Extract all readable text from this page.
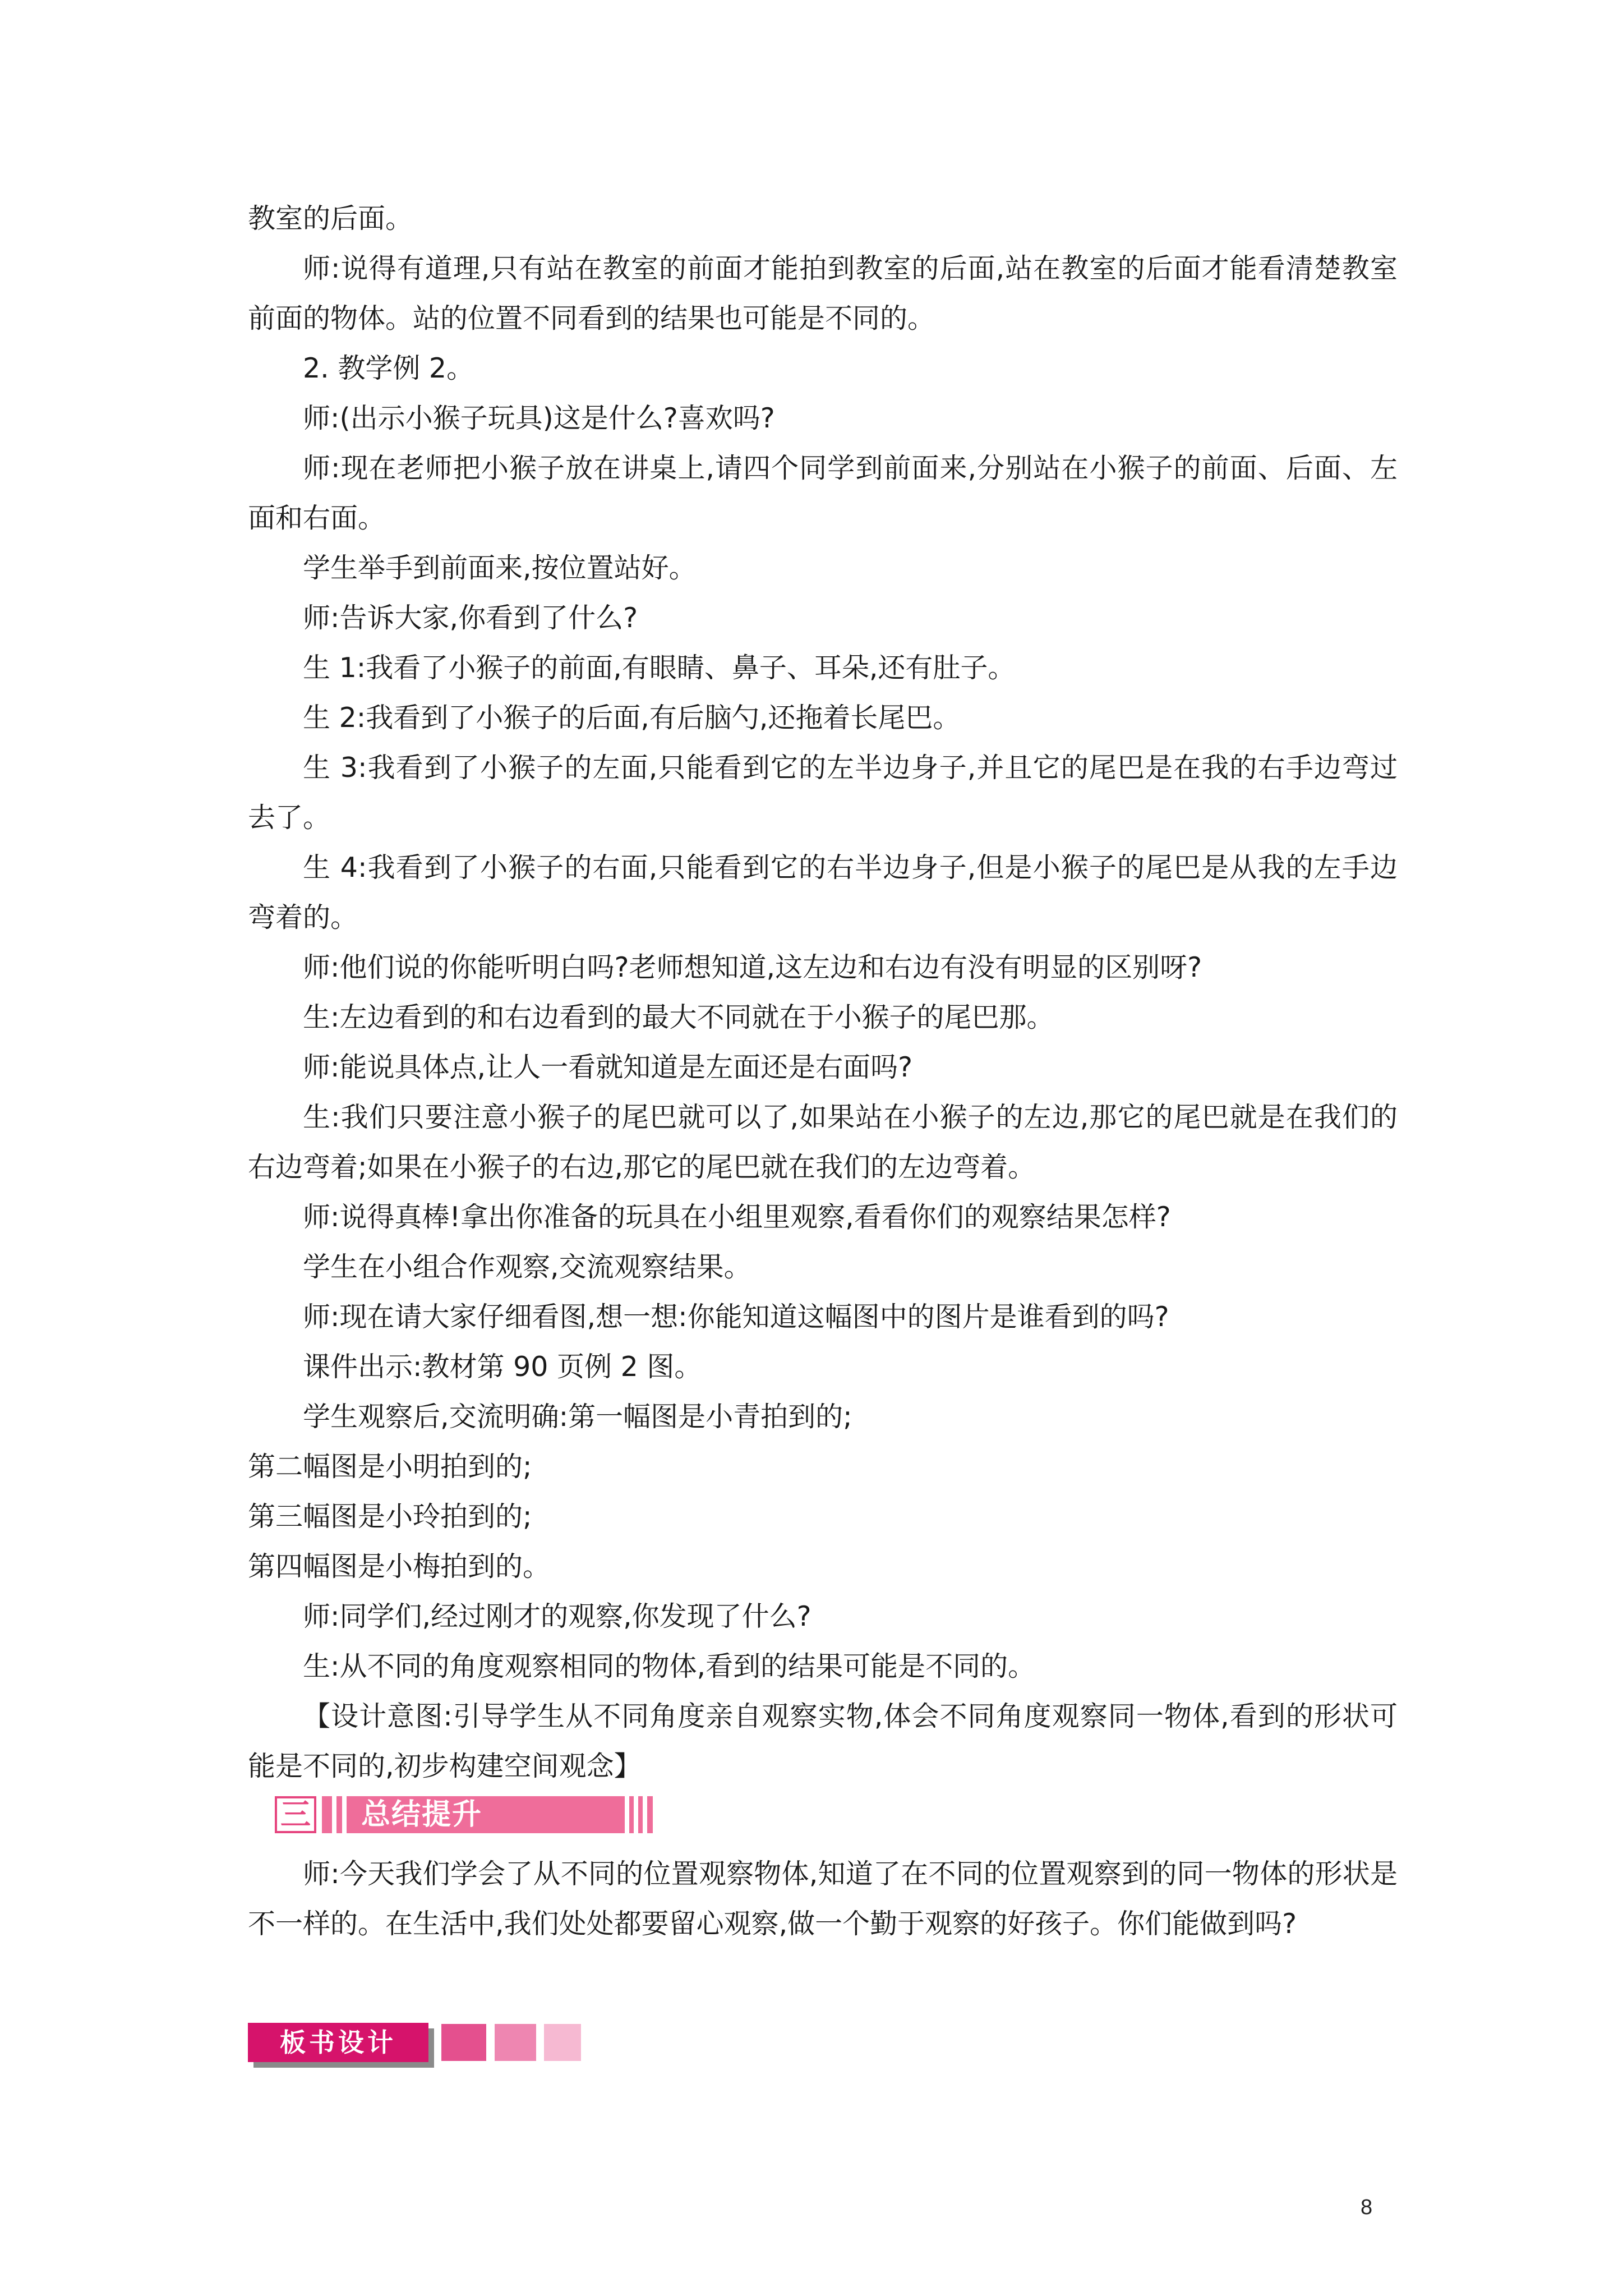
教室的后面。

师:说得有道理,只有站在教室的前面才能拍到教室的后面,站在教室的后面才能看清楚教室前面的物体。站的位置不同看到的结果也可能是不同的。

2. 教学例 2。

师:(出示小猴子玩具)这是什么?喜欢吗?

师:现在老师把小猴子放在讲桌上,请四个同学到前面来,分别站在小猴子的前面、后面、左面和右面。

学生举手到前面来,按位置站好。

师:告诉大家,你看到了什么?

生 1:我看了小猴子的前面,有眼睛、鼻子、耳朵,还有肚子。

生 2:我看到了小猴子的后面,有后脑勺,还拖着长尾巴。

生 3:我看到了小猴子的左面,只能看到它的左半边身子,并且它的尾巴是在我的右手边弯过去了。

生 4:我看到了小猴子的右面,只能看到它的右半边身子,但是小猴子的尾巴是从我的左手边弯着的。

师:他们说的你能听明白吗?老师想知道,这左边和右边有没有明显的区别呀?

生:左边看到的和右边看到的最大不同就在于小猴子的尾巴那。

师:能说具体点,让人一看就知道是左面还是右面吗?

生:我们只要注意小猴子的尾巴就可以了,如果站在小猴子的左边,那它的尾巴就是在我们的右边弯着;如果在小猴子的右边,那它的尾巴就在我们的左边弯着。

师:说得真棒!拿出你准备的玩具在小组里观察,看看你们的观察结果怎样?

学生在小组合作观察,交流观察结果。

师:现在请大家仔细看图,想一想:你能知道这幅图中的图片是谁看到的吗?

课件出示:教材第 90 页例 2 图。

学生观察后,交流明确:第一幅图是小青拍到的;

第二幅图是小明拍到的;

第三幅图是小玲拍到的;

第四幅图是小梅拍到的。

师:同学们,经过刚才的观察,你发现了什么?

生:从不同的角度观察相同的物体,看到的结果可能是不同的。

【设计意图:引导学生从不同角度亲自观察实物,体会不同角度观察同一物体,看到的形状可能是不同的,初步构建空间观念】

三 总结提升

师:今天我们学会了从不同的位置观察物体,知道了在不同的位置观察到的同一物体的形状是不一样的。在生活中,我们处处都要留心观察,做一个勤于观察的好孩子。你们能做到吗?

板书设计
8
